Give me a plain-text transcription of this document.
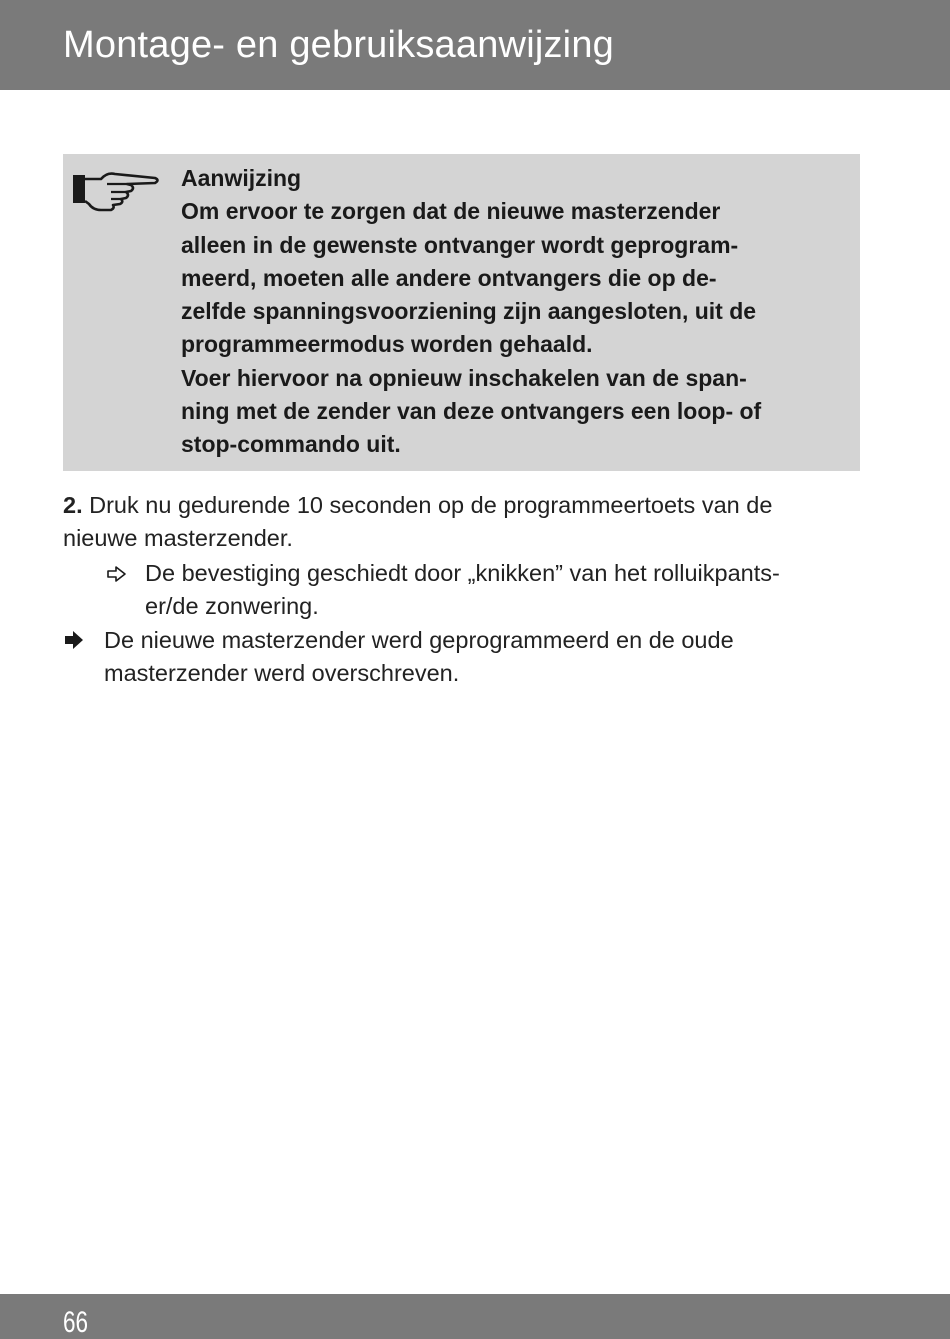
Montage- en gebruiksaanwijzing
Aanwijzing
Om ervoor te zorgen dat de nieuwe masterzender
alleen in de gewenste ontvanger wordt geprogram-
meerd, moeten alle andere ontvangers die op de-
zelfde spanningsvoorziening zijn aangesloten, uit de
programmeermodus worden gehaald.
Voer hiervoor na opnieuw inschakelen van de span-
ning met de zender van deze ontvangers een loop- of
stop-commando uit.
2. Druk nu gedurende 10 seconden op de programmeertoets van de
nieuwe masterzender.
De bevestiging geschiedt door „knikken” van het rolluikpants-
er/de zonwering.
De nieuwe masterzender werd geprogrammeerd en de oude
masterzender werd overschreven.
66
